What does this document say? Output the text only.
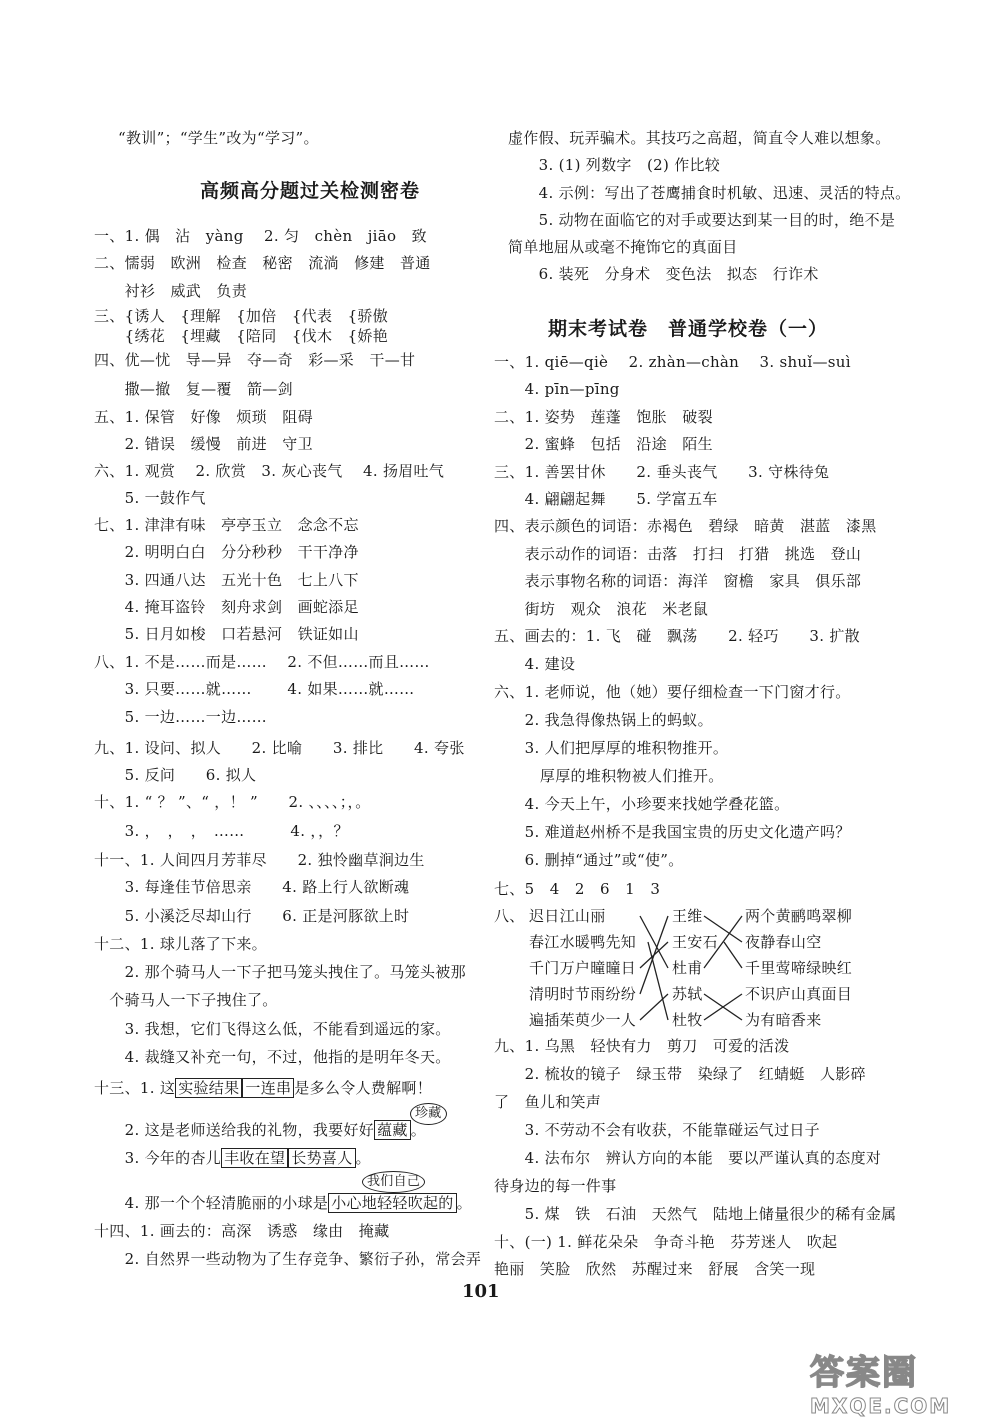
“教训”；“学生”改为“学习”。
高频高分题过关检测密卷
一、1. 偶　沾　yàng　 2. 匀　chèn　jiāo　致
二、懦弱　欧洲　检查　秘密　流淌　修建　普通
　　衬衫　威武　负责
三、{诱人　{理解　{加倍　{代表　{骄傲
　　{绣花　{埋藏　{陪同　{伐木　{娇艳
四、优—忧　导—异　夺—奇　彩—采　干—甘
　　撒—撤　复—覆　箭—剑
五、1. 保管　好像　烦琐　阻碍
　　2. 错误　缓慢　前进　守卫
六、1. 观赏　 2. 欣赏　3. 灰心丧气　 4. 扬眉吐气
　　5. 一鼓作气
七、1. 津津有味　亭亭玉立　念念不忘
　　2. 明明白白　分分秒秒　干干净净
　　3. 四通八达　五光十色　七上八下
　　4. 掩耳盗铃　刻舟求剑　画蛇添足
　　5. 日月如梭　口若悬河　铁证如山
八、1. 不是……而是……　 2. 不但……而且……
　　3. 只要……就……　　 4. 如果……就……
　　5. 一边……一边……
九、1. 设问、拟人　　2. 比喻　　3. 排比　　4. 夸张
　　5. 反问　　6. 拟人
十、1. “ ？ ”、“ ，！ ”　　2. 、、、、；，。
　　3. ，　，　，　……　　　4. ，，？
十一、1. 人间四月芳菲尽　　2. 独怜幽草涧边生
　　3. 每逢佳节倍思亲　　4. 路上行人欲断魂
　　5. 小溪泛尽却山行　　6. 正是河豚欲上时
十二、1. 球儿落了下来。
　　2. 那个骑马人一下子把马笼头拽住了。马笼头被那
　个骑马人一下子拽住了。
　　3. 我想，它们飞得这么低，不能看到遥远的家。
　　4. 裁缝又补充一句，不过，他指的是明年冬天。
十三、1. 这 实验结果 一连串 是多么令人费解啊！
珍藏
　　2. 这是老师送给我的礼物，我要好好 蕴藏 。
　　3. 今年的杏儿 丰收在望 长势喜人 。
我们自己
　　4. 那一个个轻清脆丽的小球是 小心地轻轻吹起的 。
十四、1. 画去的：高深　诱惑　缘由　掩藏
　　2. 自然界一些动物为了生存竞争、繁衍子孙，常会弄
虚作假、玩弄骗术。其技巧之高超，简直令人难以想象。
　　3. (1) 列数字　(2) 作比较
　　4. 示例：写出了苍鹰捕食时机敏、迅速、灵活的特点。
　　5. 动物在面临它的对手或要达到某一目的时，绝不是
简单地屈从或毫不掩饰它的真面目
　　6. 装死　分身术　变色法　拟态　行诈术
期末考试卷　普通学校卷（一）
一、1. qiē—qiè　 2. zhàn—chàn　 3. shuǐ—suì
　　4. pīn—pīng
二、1. 姿势　莲蓬　饱胀　破裂
　　2. 蜜蜂　包括　沿途　陌生
三、1. 善罢甘休　　2. 垂头丧气　　3. 守株待兔
　　4. 翩翩起舞　　5. 学富五车
四、表示颜色的词语：赤褐色　碧绿　暗黄　湛蓝　漆黑
　　表示动作的词语：击落　打扫　打猎　挑选　登山
　　表示事物名称的词语：海洋　窗檐　家具　俱乐部
　　街坊　观众　浪花　米老鼠
五、画去的：1. 飞　碰　飘荡　　2. 轻巧　　3. 扩散
　　4. 建设
六、1. 老师说，他（她）要仔细检查一下门窗才行。
　　2. 我急得像热锅上的蚂蚁。
　　3. 人们把厚厚的堆积物推开。
　　　厚厚的堆积物被人们推开。
　　4. 今天上午，小珍要来找她学叠花篮。
　　5. 难道赵州桥不是我国宝贵的历史文化遗产吗？
　　6. 删掉“通过”或“使”。
七、5　4　2　6　1　3
八、 迟日江山丽
春江水暖鸭先知
千门万户曈曈日
清明时节雨纷纷
遍插茱萸少一人
王维
王安石
杜甫
苏轼
杜牧
两个黄鹂鸣翠柳
夜静春山空
千里莺啼绿映红
不识庐山真面目
为有暗香来
九、1. 乌黑　轻快有力　剪刀　可爱的活泼
　　2. 梳妆的镜子　绿玉带　染绿了　红蜻蜓　人影碎
了　鱼儿和笑声
　　3. 不劳动不会有收获，不能靠碰运气过日子
　　4. 法布尔　辨认方向的本能　要以严谨认真的态度对
待身边的每一件事
　　5. 煤　铁　石油　天然气　陆地上储量很少的稀有金属
十、(一) 1. 鲜花朵朵　争奇斗艳　芬芳迷人　吹起
艳丽　笑脸　欣然　苏醒过来　舒展　含笑一现
101
答案圈
MXQE.COM
